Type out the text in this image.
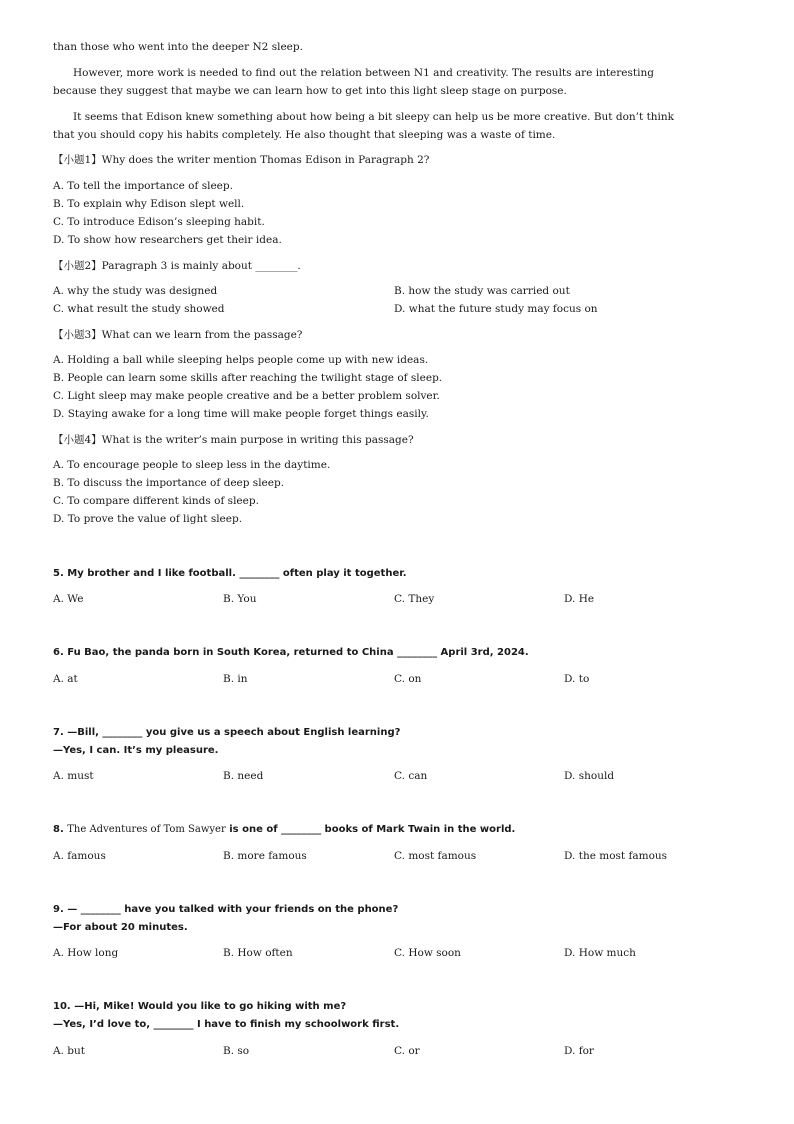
than those who went into the deeper N2 sleep.
However, more work is needed to find out the relation between N1 and creativity. The results are interesting
because they suggest that maybe we can learn how to get into this light sleep stage on purpose.
It seems that Edison knew something about how being a bit sleepy can help us be more creative. But don’t think
that you should copy his habits completely. He also thought that sleeping was a waste of time.
【小题1】Why does the writer mention Thomas Edison in Paragraph 2?
A. To tell the importance of sleep.
B. To explain why Edison slept well.
C. To introduce Edison’s sleeping habit.
D. To show how researchers get their idea.
【小题2】Paragraph 3 is mainly about ________.
A. why the study was designed	B. how the study was carried out
C. what result the study showed	D. what the future study may focus on
【小题3】What can we learn from the passage?
A. Holding a ball while sleeping helps people come up with new ideas.
B. People can learn some skills after reaching the twilight stage of sleep.
C. Light sleep may make people creative and be a better problem solver.
D. Staying awake for a long time will make people forget things easily.
【小题4】What is the writer’s main purpose in writing this passage?
A. To encourage people to sleep less in the daytime.
B. To discuss the importance of deep sleep.
C. To compare different kinds of sleep.
D. To prove the value of light sleep.
5. My brother and I like football. ________ often play it together.
A. We	B. You	C. They	D. He
6. Fu Bao, the panda born in South Korea, returned to China ________ April 3rd, 2024.
A. at	B. in	C. on	D. to
7. —Bill, ________ you give us a speech about English learning?
—Yes, I can. It’s my pleasure.
A. must	B. need	C. can	D. should
8. The Adventures of Tom Sawyer is one of ________ books of Mark Twain in the world.
A. famous	B. more famous	C. most famous	D. the most famous
9. — ________ have you talked with your friends on the phone?
—For about 20 minutes.
A. How long	B. How often	C. How soon	D. How much
10. —Hi, Mike! Would you like to go hiking with me?
—Yes, I’d love to, ________ I have to finish my schoolwork first.
A. but	B. so	C. or	D. for
